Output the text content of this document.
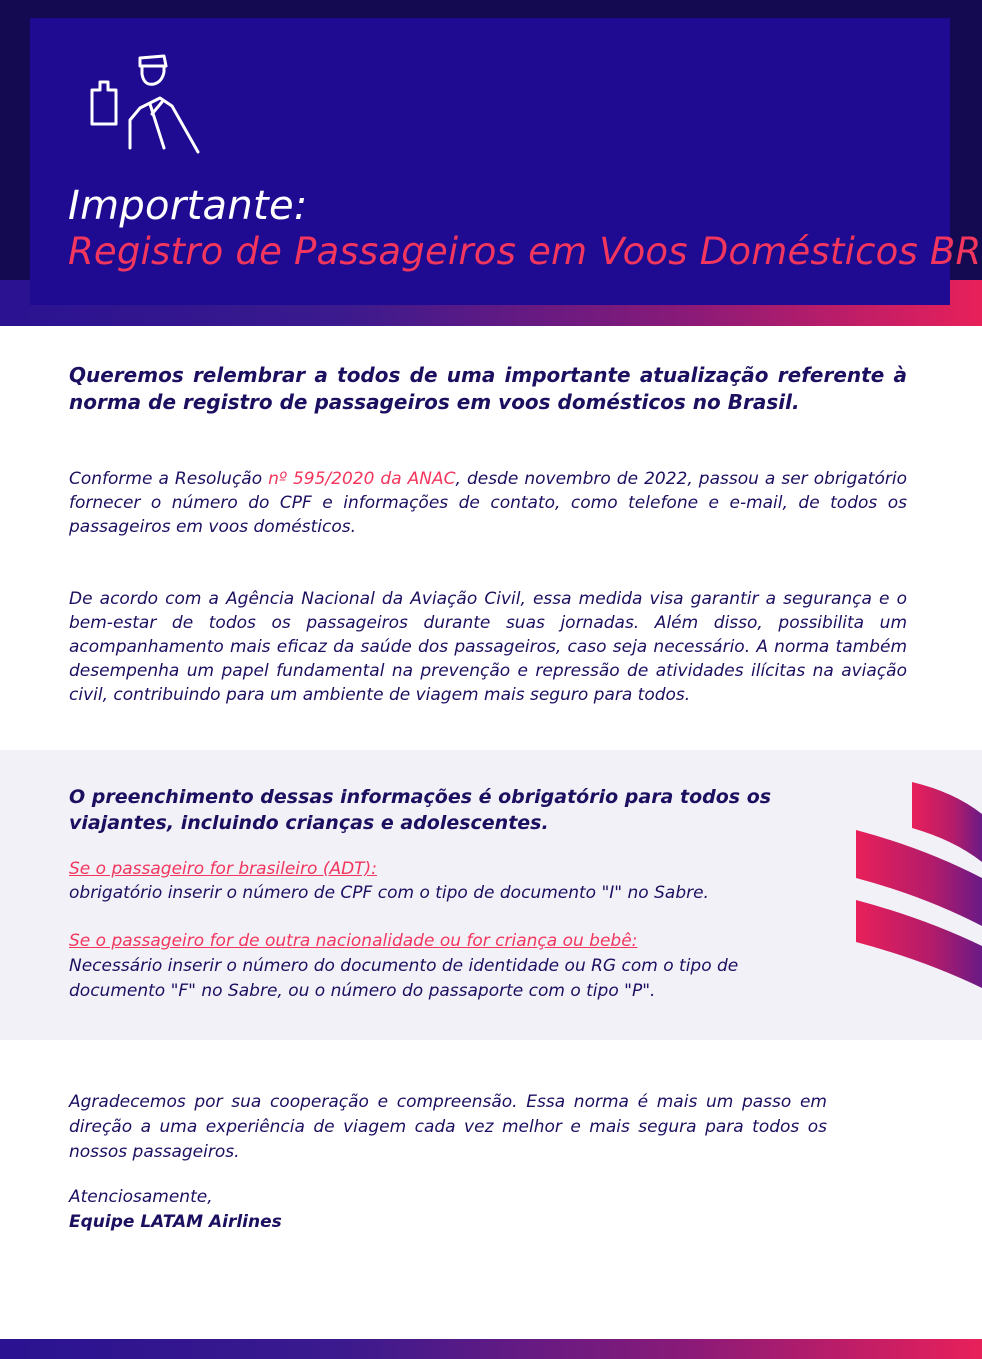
Importante:
Registro de Passageiros em Voos Domésticos BR
Queremos relembrar a todos de uma importante atualização referente à norma de registro de passageiros em voos domésticos no Brasil.
Conforme a Resolução nº 595/2020 da ANAC, desde novembro de 2022, passou a ser obrigatório fornecer o número do CPF e informações de contato, como telefone e e-mail, de todos os passageiros em voos domésticos.
De acordo com a Agência Nacional da Aviação Civil, essa medida visa garantir a segurança e o bem-estar de todos os passageiros durante suas jornadas. Além disso, possibilita um acompanhamento mais eficaz da saúde dos passageiros, caso seja necessário. A norma também desempenha um papel fundamental na prevenção e repressão de atividades ilícitas na aviação civil, contribuindo para um ambiente de viagem mais seguro para todos.
O preenchimento dessas informações é obrigatório para todos os viajantes, incluindo crianças e adolescentes.
Se o passageiro for brasileiro (ADT):
obrigatório inserir o número de CPF com o tipo de documento "I" no Sabre.
Se o passageiro for de outra nacionalidade ou for criança ou bebê:
Necessário inserir o número do documento de identidade ou RG com o tipo de documento "F" no Sabre, ou o número do passaporte com o tipo "P".
Agradecemos por sua cooperação e compreensão. Essa norma é mais um passo em direção a uma experiência de viagem cada vez melhor e mais segura para todos os nossos passageiros.
Atenciosamente,
Equipe LATAM Airlines
